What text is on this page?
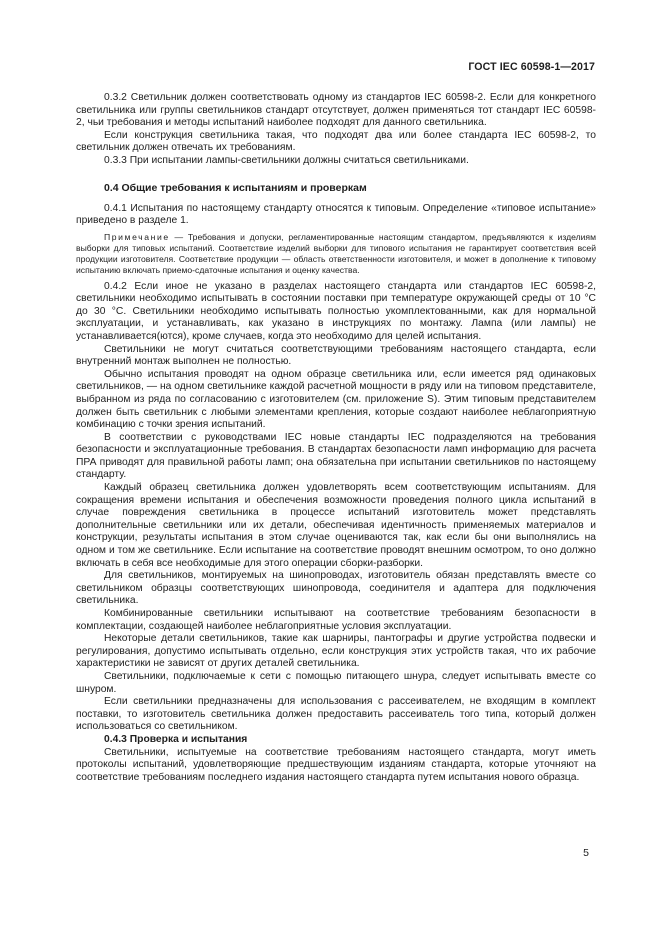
ГОСТ IEC 60598-1—2017

0.3.2 Светильник должен соответствовать одному из стандартов IEC 60598-2. Если для конкретного светильника или группы светильников стандарт отсутствует, должен применяться тот стандарт IEC 60598-2, чьи требования и методы испытаний наиболее подходят для данного светильника.

Если конструкция светильника такая, что подходят два или более стандарта IEC 60598-2, то светильник должен отвечать их требованиям.

0.3.3 При испытании лампы-светильники должны считаться светильниками.

0.4 Общие требования к испытаниям и проверкам

0.4.1 Испытания по настоящему стандарту относятся к типовым. Определение «типовое испытание» приведено в разделе 1.

Примечание — Требования и допуски, регламентированные настоящим стандартом, предъявляются к изделиям выборки для типовых испытаний. Соответствие изделий выборки для типового испытания не гарантирует соответствия всей продукции изготовителя. Соответствие продукции — область ответственности изготовителя, и может в дополнение к типовому испытанию включать приемо-сдаточные испытания и оценку качества.

0.4.2 Если иное не указано в разделах настоящего стандарта или стандартов IEC 60598-2, светильники необходимо испытывать в состоянии поставки при температуре окружающей среды от 10 °С до 30 °С. Светильники необходимо испытывать полностью укомплектованными, как для нормальной эксплуатации, и устанавливать, как указано в инструкциях по монтажу. Лампа (или лампы) не устанавливается(ются), кроме случаев, когда это необходимо для целей испытания.

Светильники не могут считаться соответствующими требованиям настоящего стандарта, если внутренний монтаж выполнен не полностью.

Обычно испытания проводят на одном образце светильника или, если имеется ряд одинаковых светильников, — на одном светильнике каждой расчетной мощности в ряду или на типовом представителе, выбранном из ряда по согласованию с изготовителем (см. приложение S). Этим типовым представителем должен быть светильник с любыми элементами крепления, которые создают наиболее неблагоприятную комбинацию с точки зрения испытаний.

В соответствии с руководствами IEC новые стандарты IEC подразделяются на требования безопасности и эксплуатационные требования. В стандартах безопасности ламп информацию для расчета ПРА приводят для правильной работы ламп; она обязательна при испытании светильников по настоящему стандарту.

Каждый образец светильника должен удовлетворять всем соответствующим испытаниям. Для сокращения времени испытания и обеспечения возможности проведения полного цикла испытаний в случае повреждения светильника в процессе испытаний изготовитель может представлять дополнительные светильники или их детали, обеспечивая идентичность применяемых материалов и конструкции, результаты испытания в этом случае оцениваются так, как если бы они выполнялись на одном и том же светильнике. Если испытание на соответствие проводят внешним осмотром, то оно должно включать в себя все необходимые для этого операции сборки-разборки.

Для светильников, монтируемых на шинопроводах, изготовитель обязан представлять вместе со светильником образцы соответствующих шинопровода, соединителя и адаптера для подключения светильника.

Комбинированные светильники испытывают на соответствие требованиям безопасности в комплектации, создающей наиболее неблагоприятные условия эксплуатации.

Некоторые детали светильников, такие как шарниры, пантографы и другие устройства подвески и регулирования, допустимо испытывать отдельно, если конструкция этих устройств такая, что их рабочие характеристики не зависят от других деталей светильника.

Светильники, подключаемые к сети с помощью питающего шнура, следует испытывать вместе со шнуром.

Если светильники предназначены для использования с рассеивателем, не входящим в комплект поставки, то изготовитель светильника должен предоставить рассеиватель того типа, который должен использоваться со светильником.

0.4.3 Проверка и испытания

Светильники, испытуемые на соответствие требованиям настоящего стандарта, могут иметь протоколы испытаний, удовлетворяющие предшествующим изданиям стандарта, которые уточняют на соответствие требованиям последнего издания настоящего стандарта путем испытания нового образца.

5
